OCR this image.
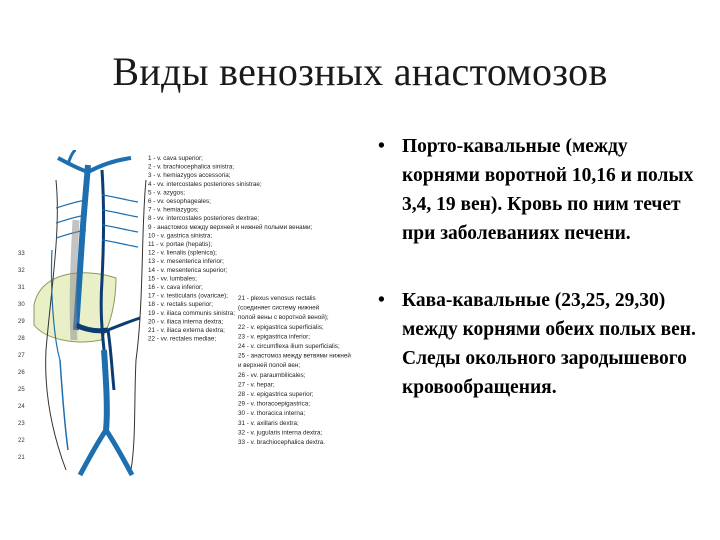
Виды венозных анастомозов
33
32
31
30
29
28
27
26
25
24
23
22
21
1 - v. cava superior;
2 - v. brachiocephalica sinistra;
3 - v. hemiazygos accessoria;
4 - vv. intercostales posteriores sinistrae;
5 - v. azygos;
6 - vv. oesophageales;
7 - v. hemiazygos;
8 - vv. intercostales posteriores dextrae;
9 - анастомоз между верхней и нижней полыми венами;
10 - v. gastrica sinistra;
11 - v. portae (hepatis);
12 - v. lienalis (splenica);
13 - v. mesenterica inferior;
14 - v. mesenterica superior;
15 - vv. lumbales;
16 - v. cava inferior;
17 - v. testicularis (ovaricae);
18 - v. rectalis superior;
19 - v. iliaca communis sinistra;
20 - v. iliaca interna dextra;
21 - v. iliaca externa dextra;
22 - vv. rectales mediae;
21 - plexus venosus rectalis
(соединяет систему нижней
полой вены с воротной веной);
22 - v. epigastrica superficialis;
23 - v. epigastrica inferior;
24 - v. circumflexa ilium superficialis;
25 - анастомоз между ветвями нижней
и верхней полой вен;
26 - vv. paraumbilicales;
27 - v. hepar;
28 - v. epigastrica superior;
29 - v. thoracoepigastrica;
30 - v. thoracica interna;
31 - v. axillaris dextra;
32 - v. jugularis interna dextra;
33 - v. brachiocephalica dextra.
• Порто-кавальные (между корнями воротной 10,16 и полых 3,4, 19 вен). Кровь по ним течет при заболеваниях печени.
• Кава-кавальные (23,25, 29,30) между корнями обеих полых вен. Следы окольного зародышевого кровообращения.
